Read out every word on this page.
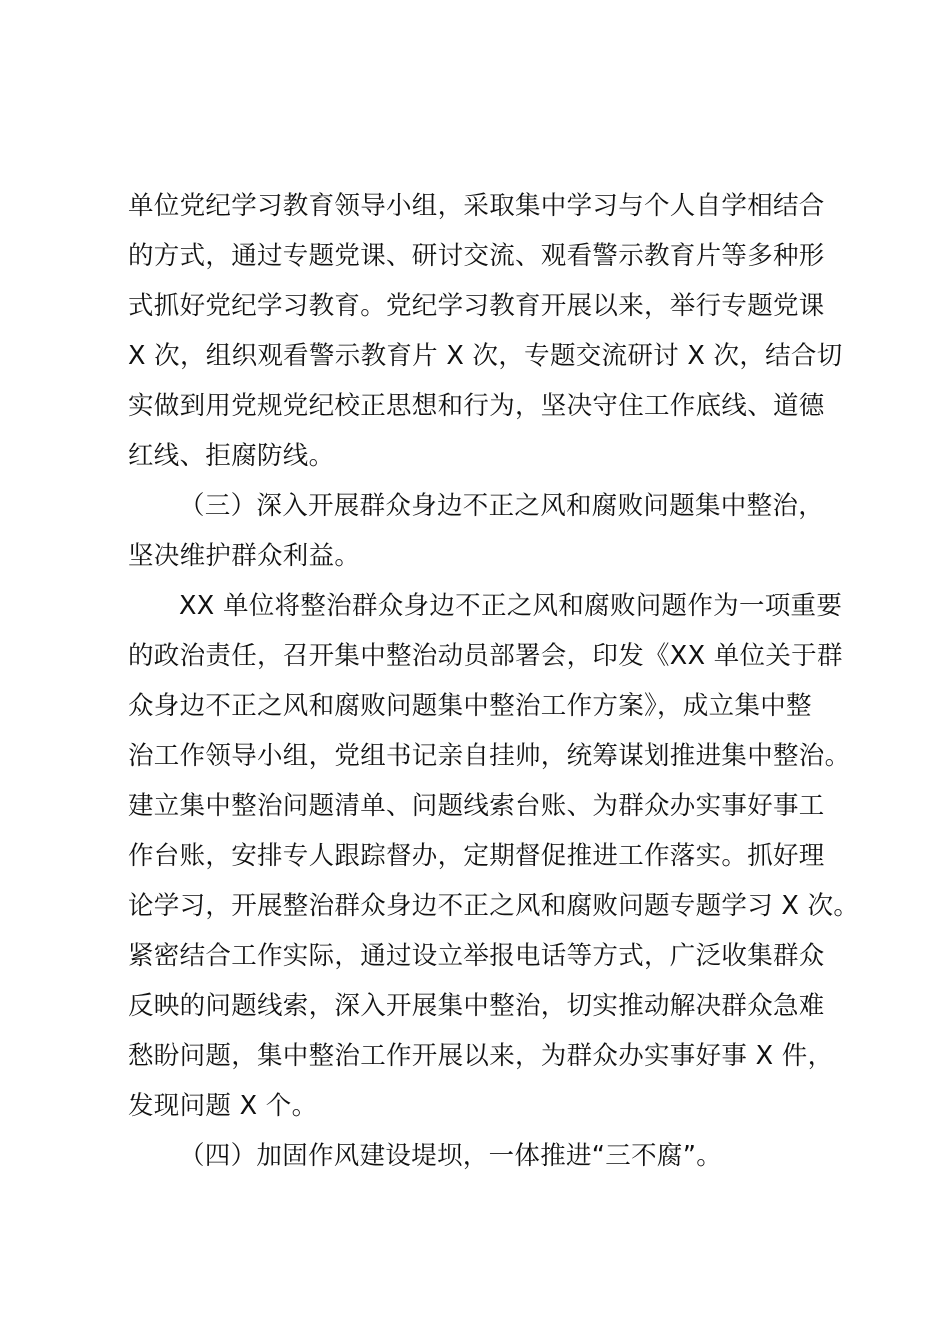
单位党纪学习教育领导小组，采取集中学习与个人自学相结合
的方式，通过专题党课、研讨交流、观看警示教育片等多种形
式抓好党纪学习教育。党纪学习教育开展以来，举行专题党课
X 次，组织观看警示教育片 X 次，专题交流研讨 X 次，结合切
实做到用党规党纪校正思想和行为，坚决守住工作底线、道德
红线、拒腐防线。

（三）深入开展群众身边不正之风和腐败问题集中整治，
坚决维护群众利益。

XX 单位将整治群众身边不正之风和腐败问题作为一项重要
的政治责任，召开集中整治动员部署会，印发《XX 单位关于群
众身边不正之风和腐败问题集中整治工作方案》，成立集中整
治工作领导小组，党组书记亲自挂帅，统筹谋划推进集中整治。
建立集中整治问题清单、问题线索台账、为群众办实事好事工
作台账，安排专人跟踪督办，定期督促推进工作落实。抓好理
论学习，开展整治群众身边不正之风和腐败问题专题学习 X 次。
紧密结合工作实际，通过设立举报电话等方式，广泛收集群众
反映的问题线索，深入开展集中整治，切实推动解决群众急难
愁盼问题，集中整治工作开展以来，为群众办实事好事 X 件，
发现问题 X 个。

（四）加固作风建设堤坝，一体推进“三不腐”。
